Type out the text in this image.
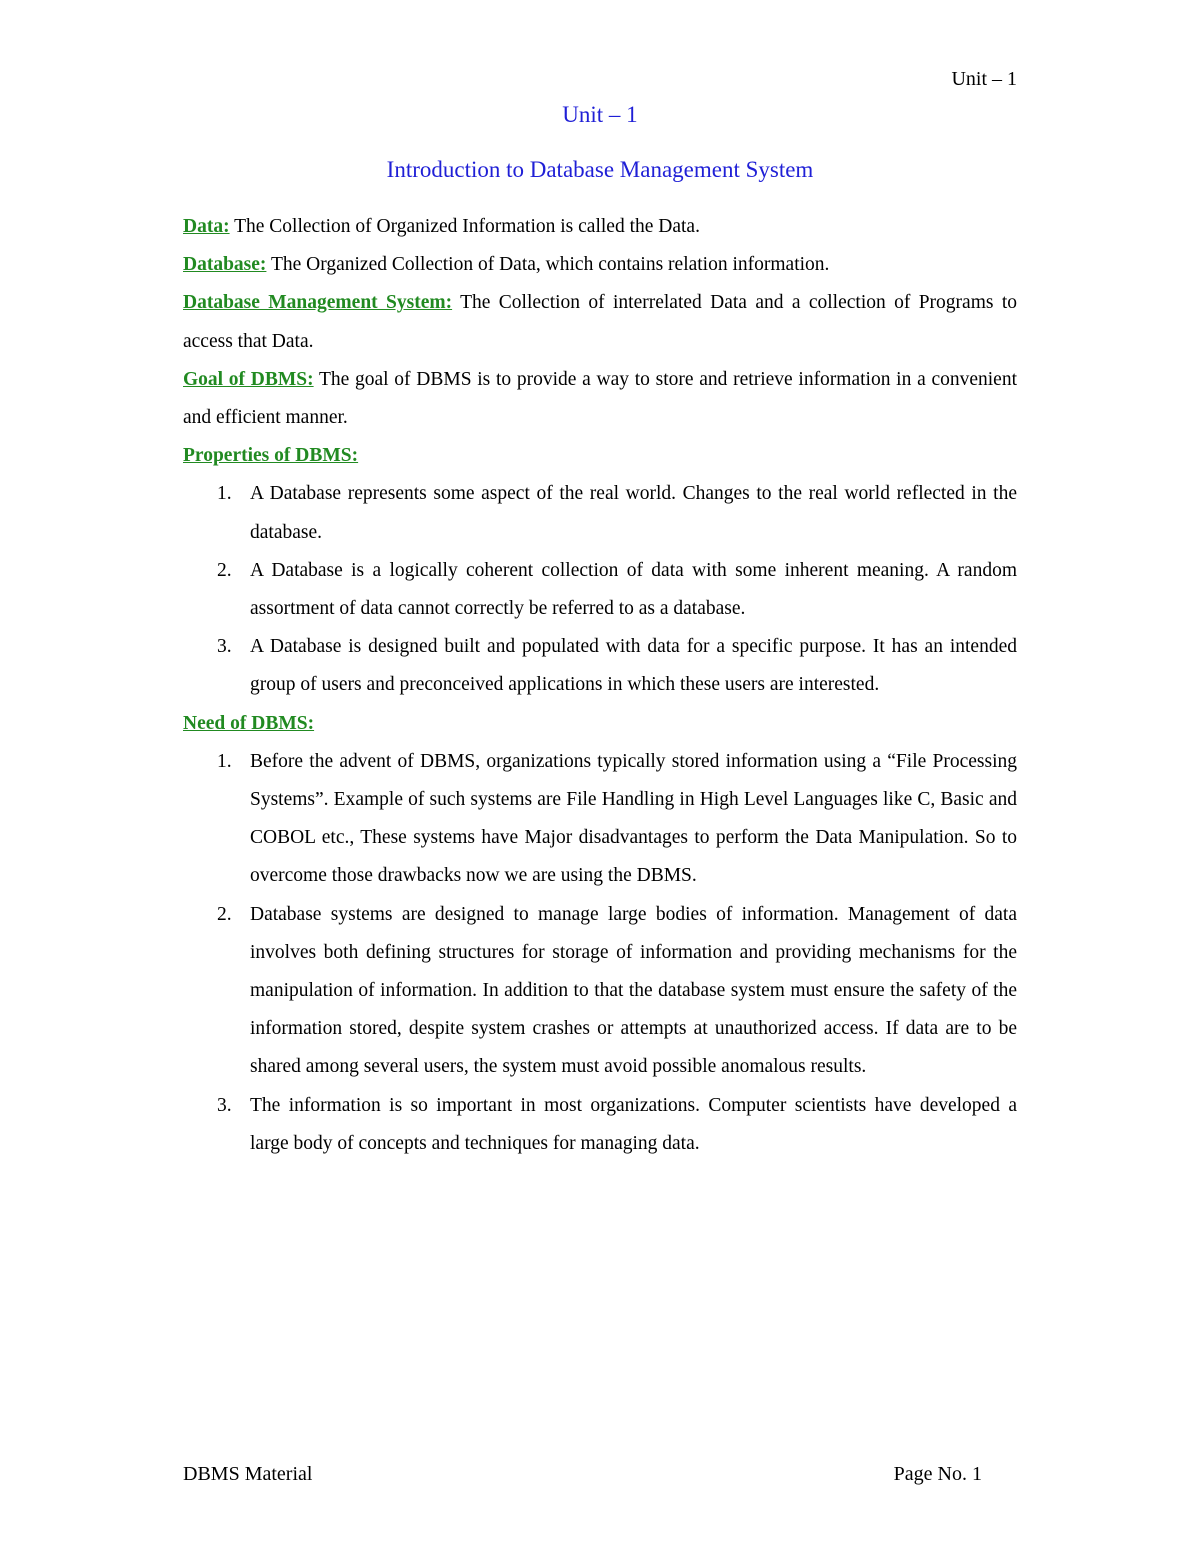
Unit – 1
Unit – 1
Introduction to Database Management System

Data: The Collection of Organized Information is called the Data.

Database: The Organized Collection of Data, which contains relation information.

Database Management System: The Collection of interrelated Data and a collection of Programs to access that Data.

Goal of DBMS: The goal of DBMS is to provide a way to store and retrieve information in a convenient and efficient manner.

Properties of DBMS:

1. A Database represents some aspect of the real world. Changes to the real world reflected in the database.
2. A Database is a logically coherent collection of data with some inherent meaning. A random assortment of data cannot correctly be referred to as a database.
3. A Database is designed built and populated with data for a specific purpose. It has an intended group of users and preconceived applications in which these users are interested.

Need of DBMS:

1. Before the advent of DBMS, organizations typically stored information using a “File Processing Systems”. Example of such systems are File Handling in High Level Languages like C, Basic and COBOL etc., These systems have Major disadvantages to perform the Data Manipulation. So to overcome those drawbacks now we are using the DBMS.
2. Database systems are designed to manage large bodies of information. Management of data involves both defining structures for storage of information and providing mechanisms for the manipulation of information. In addition to that the database system must ensure the safety of the information stored, despite system crashes or attempts at unauthorized access. If data are to be shared among several users, the system must avoid possible anomalous results.
3. The information is so important in most organizations. Computer scientists have developed a large body of concepts and techniques for managing data.
DBMS Material	Page No. 1
